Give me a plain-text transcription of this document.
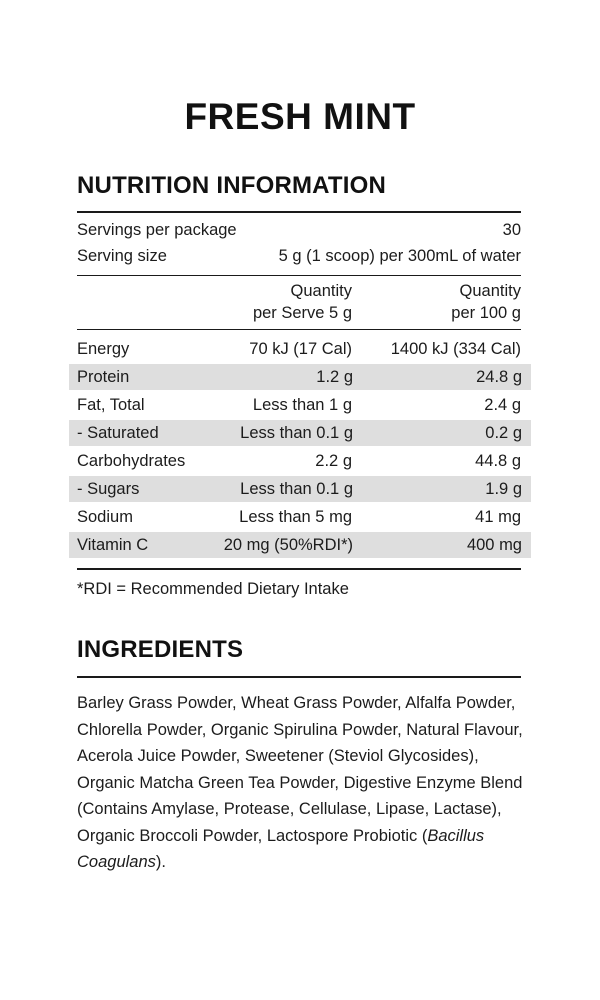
FRESH MINT
NUTRITION INFORMATION
Servings per package	30
Serving size	5 g (1 scoop) per 300mL of water
Quantity
per Serve 5 g
Quantity
per 100 g
Energy	70 kJ (17 Cal) 1400 kJ (334 Cal)
Protein	1.2 g	24.8 g
Fat, Total	Less than 1 g	2.4 g
- Saturated	Less than 0.1 g	0.2 g
Carbohydrates	2.2 g	44.8 g
- Sugars	Less than 0.1 g	1.9 g
Sodium	Less than 5 mg	41 mg
Vitamin C	20 mg (50%RDI*)	400 mg
*RDI = Recommended Dietary Intake
INGREDIENTS
Barley Grass Powder, Wheat Grass Powder, Alfalfa Powder, Chlorella Powder, Organic Spirulina Powder, Natural Flavour, Acerola Juice Powder, Sweetener (Steviol Glycosides), Organic Matcha Green Tea Powder, Digestive Enzyme Blend (Contains Amylase, Protease, Cellulase, Lipase, Lactase), Organic Broccoli Powder, Lactospore Probiotic (Bacillus Coagulans).
